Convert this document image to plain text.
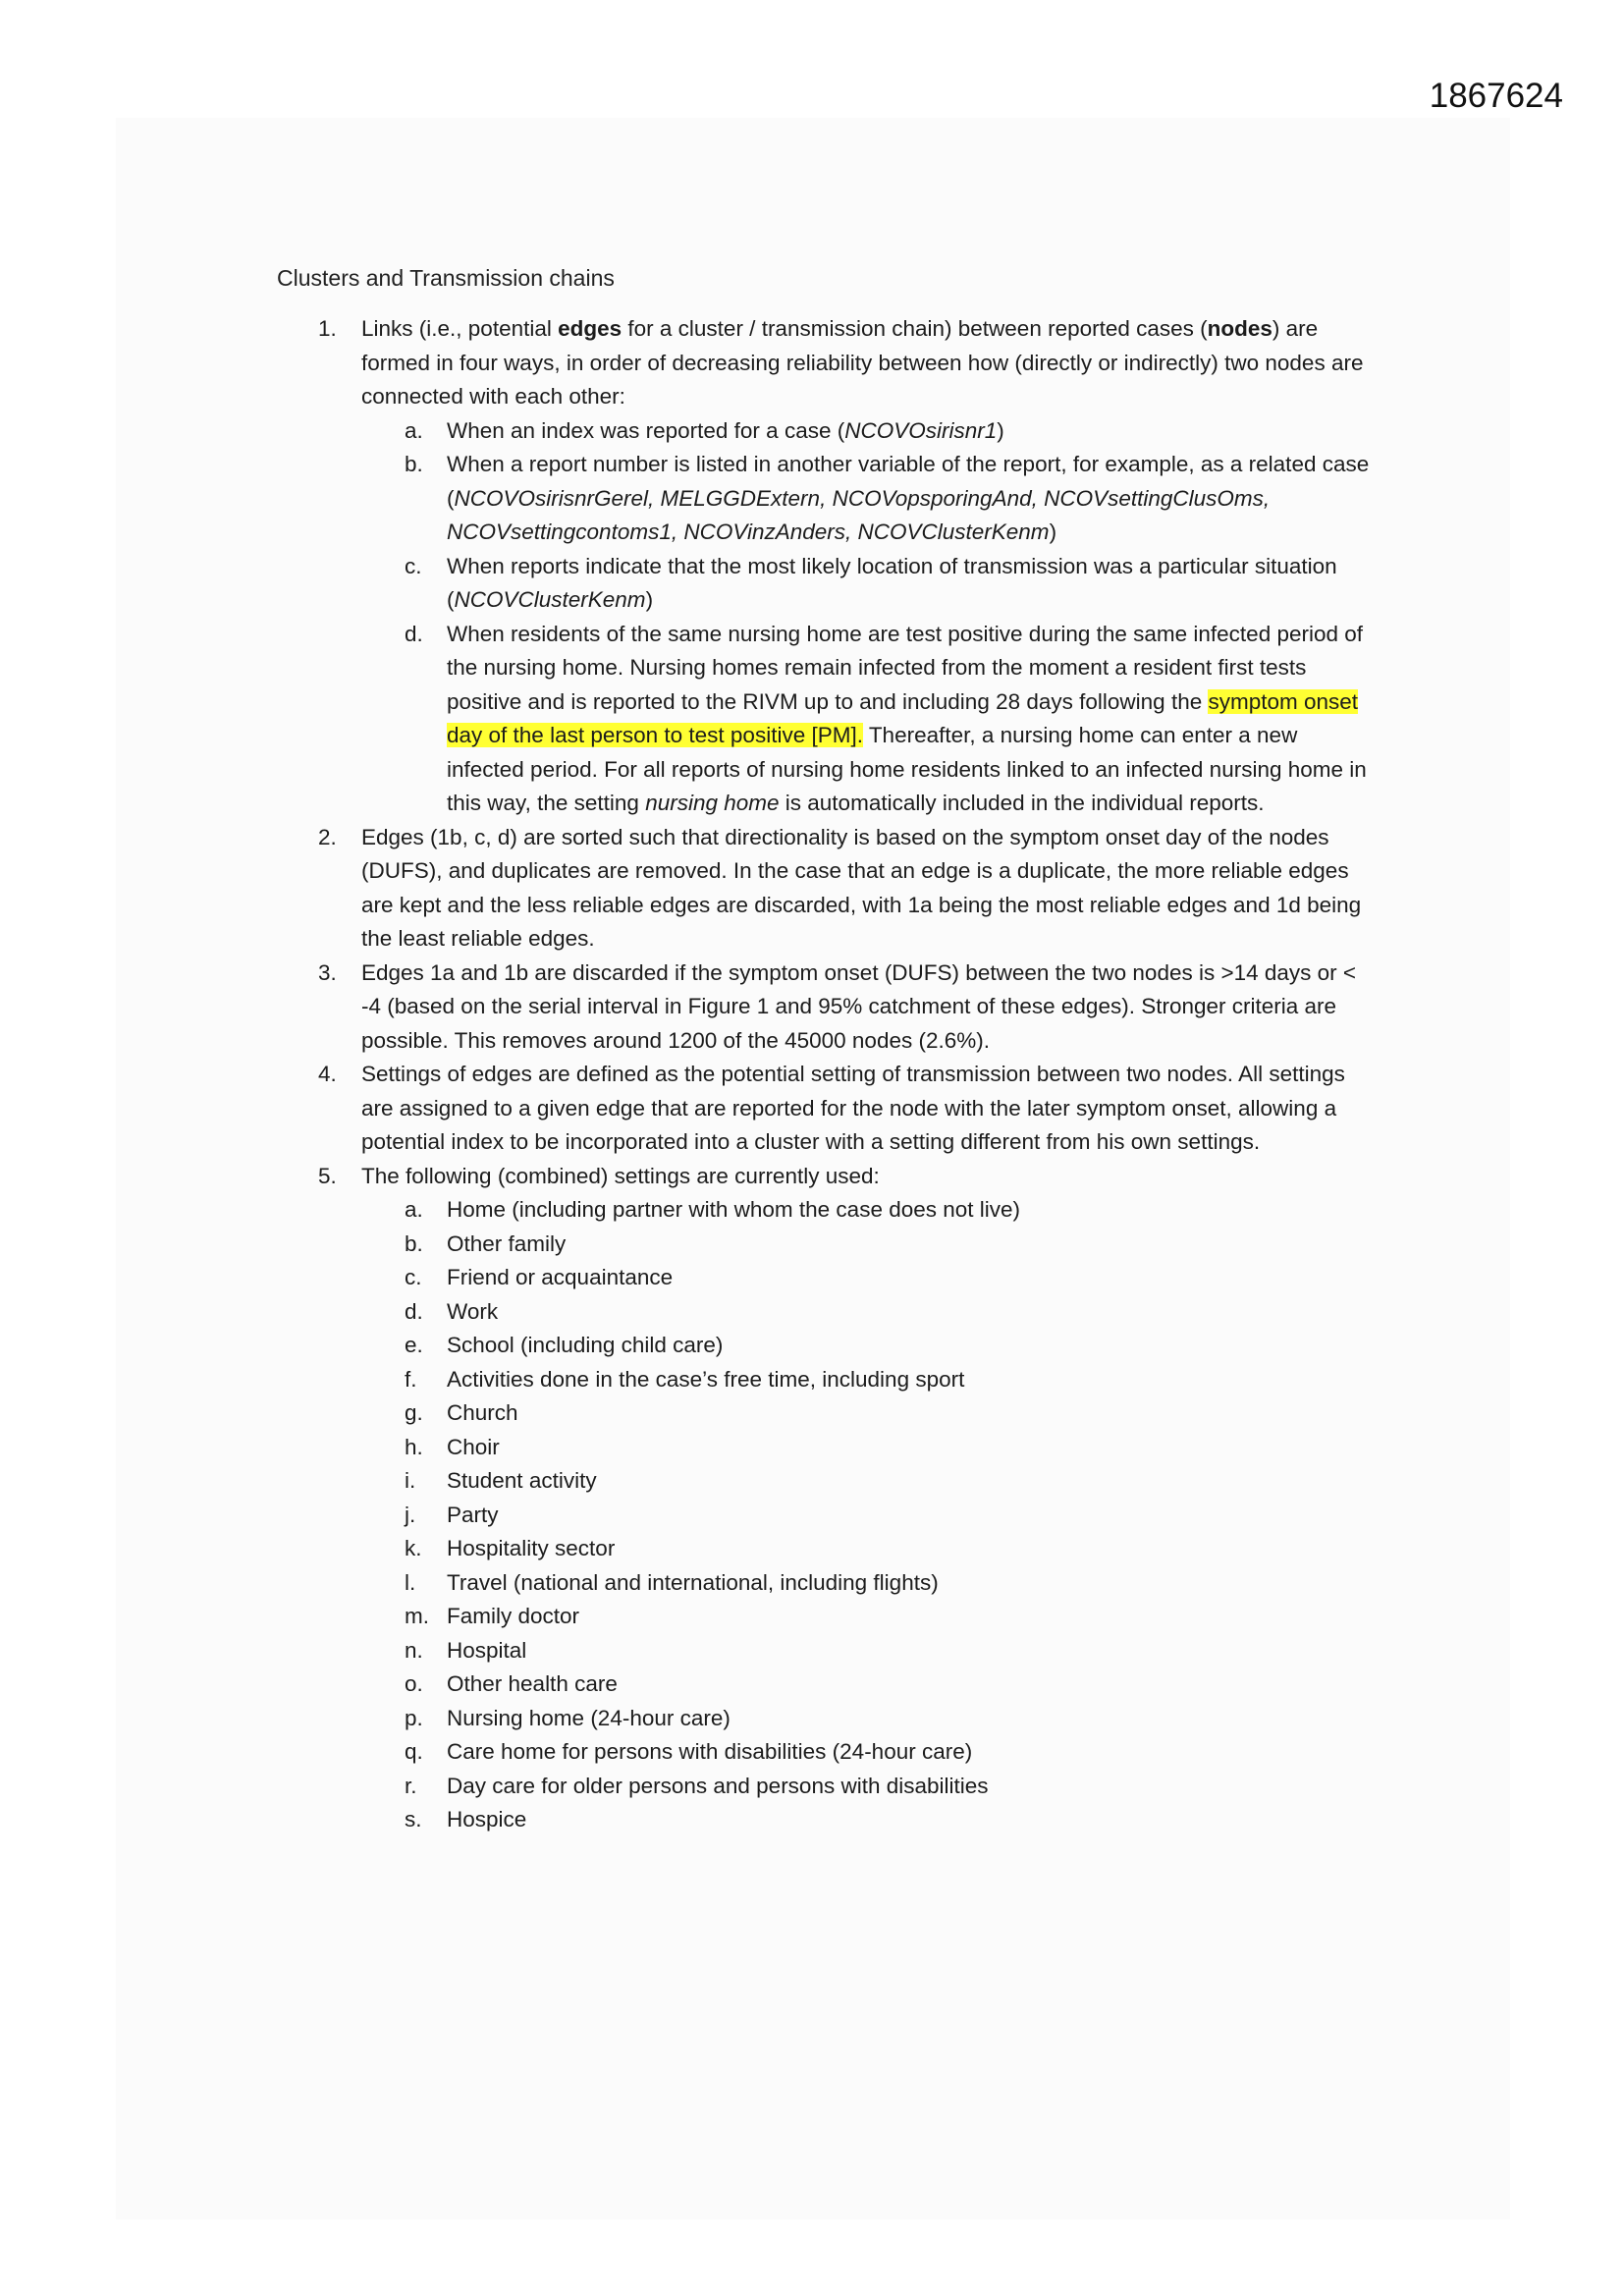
1867624
Clusters and Transmission chains
1.	Links (i.e., potential edges for a cluster / transmission chain) between reported cases (nodes) are formed in four ways, in order of decreasing reliability between how (directly or indirectly) two nodes are connected with each other:
a.	When an index was reported for a case (NCOVOsirisnr1)
b.	When a report number is listed in another variable of the report, for example, as a related case (NCOVOsirisnrGerel, MELGGDExtern, NCOVopsporingAnd, NCOVsettingClusOms, NCOVsettingcontoms1, NCOVinzAnders, NCOVClusterKenm)
c.	When reports indicate that the most likely location of transmission was a particular situation (NCOVClusterKenm)
d.	When residents of the same nursing home are test positive during the same infected period of the nursing home. Nursing homes remain infected from the moment a resident first tests positive and is reported to the RIVM up to and including 28 days following the symptom onset day of the last person to test positive [PM]. Thereafter, a nursing home can enter a new infected period. For all reports of nursing home residents linked to an infected nursing home in this way, the setting nursing home is automatically included in the individual reports.
2.	Edges (1b, c, d) are sorted such that directionality is based on the symptom onset day of the nodes (DUFS), and duplicates are removed. In the case that an edge is a duplicate, the more reliable edges are kept and the less reliable edges are discarded, with 1a being the most reliable edges and 1d being the least reliable edges.
3.	Edges 1a and 1b are discarded if the symptom onset (DUFS) between the two nodes is >14 days or < -4 (based on the serial interval in Figure 1 and 95% catchment of these edges). Stronger criteria are possible. This removes around 1200 of the 45000 nodes (2.6%).
4.	Settings of edges are defined as the potential setting of transmission between two nodes. All settings are assigned to a given edge that are reported for the node with the later symptom onset, allowing a potential index to be incorporated into a cluster with a setting different from his own settings.
5.	The following (combined) settings are currently used:
a.	Home (including partner with whom the case does not live)
b.	Other family
c.	Friend or acquaintance
d.	Work
e.	School (including child care)
f.	Activities done in the case’s free time, including sport
g.	Church
h.	Choir
i.	Student activity
j.	Party
k.	Hospitality sector
l.	Travel (national and international, including flights)
m. Family doctor
n.	Hospital
o.	Other health care
p.	Nursing home (24-hour care)
q.	Care home for persons with disabilities (24-hour care)
r.	Day care for older persons and persons with disabilities
s.	Hospice
